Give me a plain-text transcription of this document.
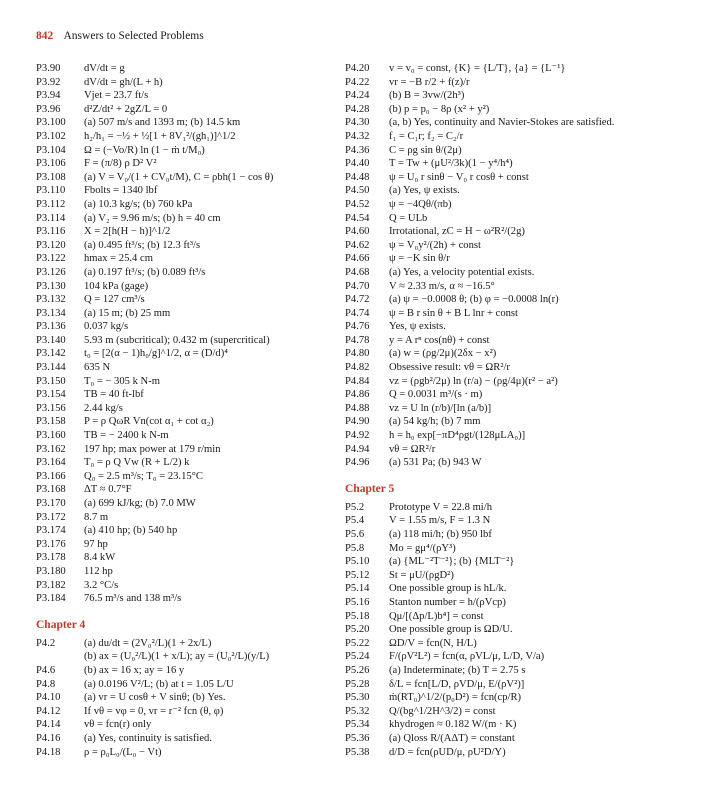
842 Answers to Selected Problems
P3.90	dV/dt = g
P3.92	dV/dt = gh/(L + h)
P3.94	Vjet = 23.7 ft/s
P3.96	d²Z/dt² + 2gZ/L = 0
P3.100	(a) 507 m/s and 1393 m; (b) 14.5 km
P3.102	h₂/h₁ = −½ + ½[1 + 8V₁²/(gh₁)]^1/2
P3.104	Ω = (−Vo/R) ln (1 − ṁ t/M₀)
P3.106	F = (π/8) ρ D² V²
P3.108	(a) V = V₀/(1 + CV₀t/M), C = ρbh(1 − cos θ)
P3.110	Fbolts = 1340 lbf
P3.112	(a) 10.3 kg/s; (b) 760 kPa
P3.114	(a) V₂ = 9.96 m/s; (b) h = 40 cm
P3.116	X = 2[h(H − h)]^1/2
P3.120	(a) 0.495 ft³/s; (b) 12.3 ft³/s
P3.122	hmax = 25.4 cm
P3.126	(a) 0.197 ft³/s; (b) 0.089 ft³/s
P3.130	104 kPa (gage)
P3.132	Q = 127 cm³/s
P3.134	(a) 15 m; (b) 25 mm
P3.136	0.037 kg/s
P3.140	5.93 m (subcritical); 0.432 m (supercritical)
P3.142	t₀ = [2(α − 1)h₀/g]^1/2, α = (D/d)⁴
P3.144	635 N
P3.150	T₀ = − 305 k N-m
P3.154	TB = 40 ft-lbf
P3.156	2.44 kg/s
P3.158	P = ρ QωR Vn(cot α₁ + cot α₂)
P3.160	TB = − 2400 k N-m
P3.162	197 hp; max power at 179 r/min
P3.164	T₀ = ρ Q Vw (R + L/2) k
P3.166	Q₀ = 2.5 m³/s; T₀ = 23.15°C
P3.168	ΔT ≈ 0.7°F
P3.170	(a) 699 kJ/kg; (b) 7.0 MW
P3.172	8.7 m
P3.174	(a) 410 hp; (b) 540 hp
P3.176	97 hp
P3.178	8.4 kW
P3.180	112 hp
P3.182	3.2 °C/s
P3.184	76.5 m³/s and 138 m³/s
Chapter 4
P4.2	(a) du/dt = (2V₀²/L)(1 + 2x/L)
(b) ax = (U₀²/L)(1 + x/L); ay = (U₀²/L)(y/L)
P4.6	(b) ax = 16 x; ay = 16 y
P4.8	(a) 0.0196 V²/L; (b) at t = 1.05 L/U
P4.10	(a) vr = U cosθ + V sinθ; (b) Yes.
P4.12	If vθ = vφ = 0, vr = r⁻² fcn (θ, φ)
P4.14	vθ = fcn(r) only
P4.16	(a) Yes, continuity is satisfied.
P4.18	ρ = ρ₀L₀/(L₀ − Vt)
P4.20	v = v₀ = const, {K} = {L/T}, {a} = {L⁻¹}
P4.22	vr = −B r/2 + f(z)/r
P4.24	(b) B = 3vw/(2h³)
P4.28	(b) p = p₀ − 8ρ (x² + y²)
P4.30	(a, b) Yes, continuity and Navier-Stokes are satisfied.
P4.32	f₁ = C₁r; f₂ = C₂/r
P4.36	C = ρg sin θ/(2μ)
P4.40	T = Tw + (μU²/3k)(1 − y⁴/h⁴)
P4.48	ψ = U₀ r sinθ − V₀ r cosθ + const
P4.50	(a) Yes, ψ exists.
P4.52	ψ = −4Qθ/(πb)
P4.54	Q = ULb
P4.60	Irrotational, zC = H − ω²R²/(2g)
P4.62	ψ = V₀y²/(2h) + const
P4.66	ψ = −K sin θ/r
P4.68	(a) Yes, a velocity potential exists.
P4.70	V ≈ 2.33 m/s, α ≈ −16.5°
P4.72	(a) ψ = −0.0008 θ; (b) φ = −0.0008 ln(r)
P4.74	ψ = B r sin θ + B L lnr + const
P4.76	Yes, ψ exists.
P4.78	y = A rⁿ cos(nθ) + const
P4.80	(a) w = (ρg/2μ)(2δx − x²)
P4.82	Obsessive result: vθ = ΩR²/r
P4.84	vz = (ρgb²/2μ) ln (r/a) − (ρg/4μ)(r² − a²)
P4.86	Q = 0.0031 m³/(s · m)
P4.88	vz = U ln (r/b)/[ln (a/b)]
P4.90	(a) 54 kg/h; (b) 7 mm
P4.92	h = h₀ exp[−πD⁴ρgt/(128μLA₀)]
P4.94	vθ = ΩR²/r
P4.96	(a) 531 Pa; (b) 943 W
Chapter 5
P5.2	Prototype V = 22.8 mi/h
P5.4	V = 1.55 m/s, F = 1.3 N
P5.6	(a) 118 mi/h; (b) 950 lbf
P5.8	Mo = gμ⁴/(ρY³)
P5.10	(a) {ML⁻²T⁻²}; (b) {MLT⁻²}
P5.12	St = μU/(ρgD²)
P5.14	One possible group is hL/k.
P5.16	Stanton number = h/(ρVcp)
P5.18	Qμ/[(Δp/L)b⁴] = const
P5.20	One possible group is ΩD/U.
P5.22	ΩD/V = fcn(N, H/L)
P5.24	F/(ρV²L²) = fcn(α, ρVL/μ, L/D, V/a)
P5.26	(a) Indeterminate; (b) T = 2.75 s
P5.28	δ/L = fcn[L/D, ρVD/μ, E/(ρV²)]
P5.30	ṁ(RT₀)^1/2/(p₀D²) = fcn(cp/R)
P5.32	Q/(bg^1/2H^3/2) = const
P5.34	khydrogen ≈ 0.182 W/(m · K)
P5.36	(a) Qloss R/(AΔT) = constant
P5.38	d/D = fcn(ρUD/μ, ρU²D/Y)
